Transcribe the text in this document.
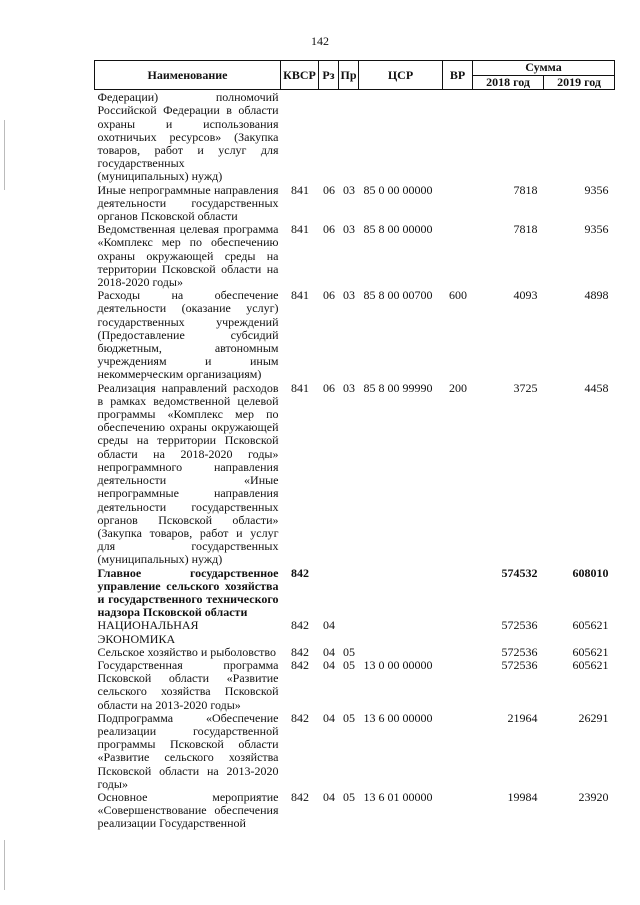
142
Наименование	КВСР	Рз	Пр	ЦСР	ВР	Сумма	
						2018 год	2019 год
Федерации) полномочий Российской Федерации в области охраны и использования охотничьих ресурсов» (Закупка товаров, работ и услуг для государственных (муниципальных) нужд)							
Иные непрограммные направления деятельности государственных органов Псковской области	841	06	03	85 0 00 00000		7818	9356
Ведомственная целевая программа «Комплекс мер по обеспечению охраны окружающей среды на территории Псковской области на 2018-2020 годы»	841	06	03	85 8 00 00000		7818	9356
Расходы на обеспечение деятельности (оказание услуг) государственных учреждений (Предоставление субсидий бюджетным, автономным учреждениям и иным некоммерческим организациям)	841	06	03	85 8 00 00700	600	4093	4898
Реализация направлений расходов в рамках ведомственной целевой программы «Комплекс мер по обеспечению охраны окружающей среды на территории Псковской области на 2018-2020 годы» непрограммного направления деятельности «Иные непрограммные направления деятельности государственных органов Псковской области» (Закупка товаров, работ и услуг для государственных (муниципальных) нужд)	841	06	03	85 8 00 99990	200	3725	4458
Главное государственное управление сельского хозяйства и государственного технического надзора Псковской области	842					574532	608010
НАЦИОНАЛЬНАЯ ЭКОНОМИКА	842	04				572536	605621
Сельское хозяйство и рыболовство	842	04	05			572536	605621
Государственная программа Псковской области «Развитие сельского хозяйства Псковской области на 2013-2020 годы»	842	04	05	13 0 00 00000		572536	605621
Подпрограмма «Обеспечение реализации государственной программы Псковской области «Развитие сельского хозяйства Псковской области на 2013-2020 годы»	842	04	05	13 6 00 00000		21964	26291
Основное мероприятие «Совершенствование обеспечения реализации Государственной	842	04	05	13 6 01 00000		19984	23920
